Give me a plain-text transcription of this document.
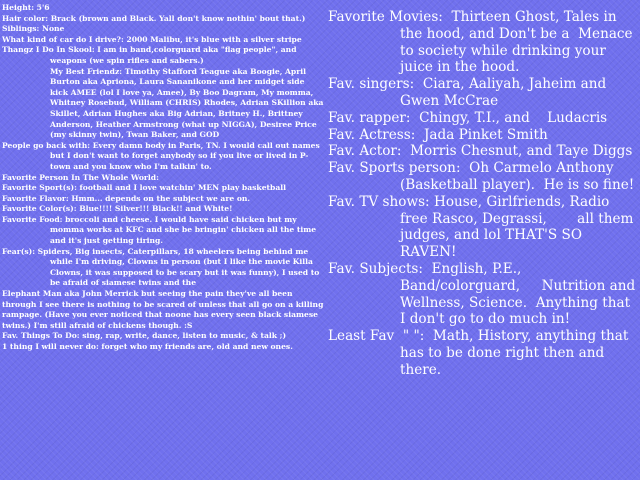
Height: 5'6
Hair color: Brack (brown and Black. Yall don't know nothin' bout that.)
Siblings: None
What kind of car do I drive?: 2000 Malibu, it's blue with a silver stripe
Thangz I Do In Skool: I am in band,colorguard aka "flag people", and weapons (we spin rifles and sabers.)
My Best Friendz: Timothy Stafford Teague aka Boogie, April Burton aka Apriona, Laura Sananikone and her midget side kick AMEE (lol I love ya, Amee), By Boo Dagram, My momma, Whitney Rosebud, William (CHRIS) Rhodes, Adrian SKillion aka Skillet, Adrian Hughes aka Big Adrian, Britney H., Brittney Anderson, Heather Armstrong (what up NIGGA), Desiree Price (my skinny twin), Twan Baker, and GOD
People go back with: Every damn body in Paris, TN. I would call out names but I don't want to forget anybody so if you live or lived in P-town and you know who I'm talkin' to.
Favorite Person In The Whole World:
Favorite Sport(s): football and I love watchin' MEN play basketball
Favorite Flavor: Hmm... depends on the subject we are on.
Favorite Color(s): Blue!!!! Silver!!! Black!! and White!
Favorite Food: broccoli and cheese. I would have said chicken but my momma works at KFC and she be bringin' chicken all the time and it's just getting tiring.
Fear(s): Spiders, Big insects, Caterpillars, 18 wheelers being behind me while I'm driving, Clowns in person (but I like the movie Killa Clowns, it was supposed to be scary but it was funny), I used to be afraid of siamese twins and the
Elephant Man aka John Merrick but seeing the pain they've all been through I see there is nothing to be scared of unless that all go on a killing rampage. (Have you ever noticed that noone has every seen black siamese twins.) I'm still afraid of chickens though. :S
Fav. Things To Do: sing, rap, write, dance, listen to music, & talk ;)
1 thing I will never do: forget who my friends are, old and new ones.
Favorite Movies:  Thirteen Ghost, Tales in the hood, and Don't be a  Menace to society while drinking your juice in the hood.
Fav. singers:  Ciara, Aaliyah, Jaheim and Gwen McCrae
Fav. rapper:  Chingy, T.I., and    Ludacris
Fav. Actress:  Jada Pinket Smith
Fav. Actor:  Morris Chesnut, and Taye Diggs
Fav. Sports person:  Oh Carmelo Anthony (Basketball player).  He is so fine!
Fav. TV shows: House, Girlfriends, Radio free Rasco, Degrassi,       all them judges, and lol THAT'S SO RAVEN!
Fav. Subjects:  English, P.E., Band/colorguard,     Nutrition and Wellness, Science.  Anything that I don't go to do much in!
Least Fav  " ":  Math, History, anything that has to be done right then and there.
